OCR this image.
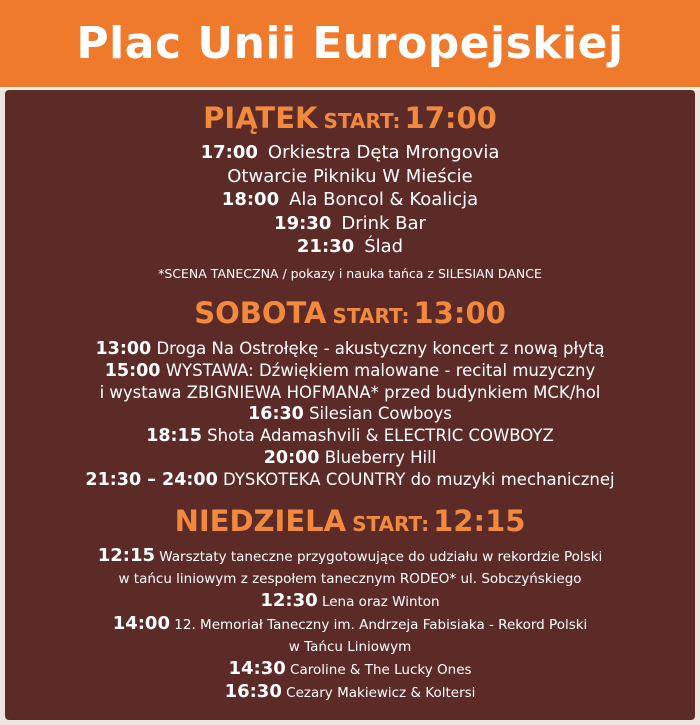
Plac Unii Europejskiej
PIĄTEK START: 17:00
17:00 Orkiestra Dęta Mrongovia
Otwarcie Pikniku W Mieście
18:00 Ala Boncol & Koalicja
19:30 Drink Bar
21:30 Ślad
*SCENA TANECZNA / pokazy i nauka tańca z SILESIAN DANCE
SOBOTA START: 13:00
13:00 Droga Na Ostrołękę - akustyczny koncert z nową płytą
15:00 WYSTAWA: Dźwiękiem malowane - recital muzyczny
i wystawa ZBIGNIEWA HOFMANA* przed budynkiem MCK/hol
16:30 Silesian Cowboys
18:15 Shota Adamashvili & ELECTRIC COWBOYZ
20:00 Blueberry Hill
21:30 – 24:00 DYSKOTEKA COUNTRY do muzyki mechanicznej
NIEDZIELA START: 12:15
12:15 Warsztaty taneczne przygotowujące do udziału w rekordzie Polski
w tańcu liniowym z zespołem tanecznym RODEO* ul. Sobczyńskiego
12:30 Lena oraz Winton
14:00 12. Memoriał Taneczny im. Andrzeja Fabisiaka - Rekord Polski
w Tańcu Liniowym
14:30 Caroline & The Lucky Ones
16:30 Cezary Makiewicz & Koltersi
